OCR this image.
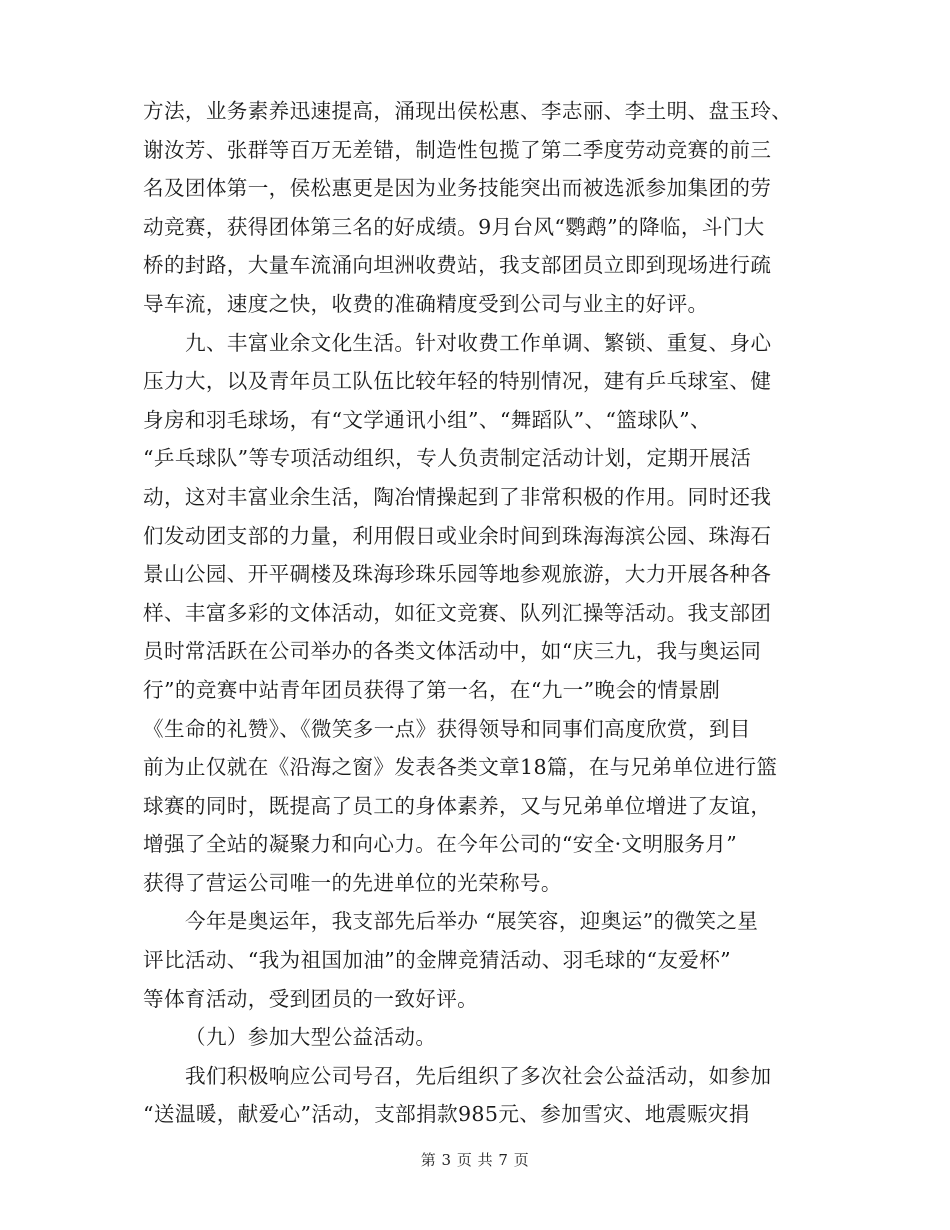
方法，业务素养迅速提高，涌现出侯松惠、李志丽、李土明、盘玉玲、
谢汝芳、张群等百万无差错，制造性包揽了第二季度劳动竞赛的前三
名及团体第一，侯松惠更是因为业务技能突出而被选派参加集团的劳
动竞赛，获得团体第三名的好成绩。9月台风“鹦鹉”的降临，斗门大
桥的封路，大量车流涌向坦洲收费站，我支部团员立即到现场进行疏
导车流，速度之快，收费的准确精度受到公司与业主的好评。
九、丰富业余文化生活。针对收费工作单调、繁锁、重复、身心
压力大，以及青年员工队伍比较年轻的特别情况，建有乒乓球室、健
身房和羽毛球场，有“文学通讯小组”、“舞蹈队”、“篮球队”、
“乒乓球队”等专项活动组织，专人负责制定活动计划，定期开展活
动，这对丰富业余生活，陶冶情操起到了非常积极的作用。同时还我
们发动团支部的力量，利用假日或业余时间到珠海海滨公园、珠海石
景山公园、开平碉楼及珠海珍珠乐园等地参观旅游，大力开展各种各
样、丰富多彩的文体活动，如征文竞赛、队列汇操等活动。我支部团
员时常活跃在公司举办的各类文体活动中，如“庆三九，我与奥运同
行”的竞赛中站青年团员获得了第一名，在“九一”晚会的情景剧
《生命的礼赞》、《微笑多一点》获得领导和同事们高度欣赏，到目
前为止仅就在《沿海之窗》发表各类文章18篇，在与兄弟单位进行篮
球赛的同时，既提高了员工的身体素养，又与兄弟单位增进了友谊，
增强了全站的凝聚力和向心力。在今年公司的“安全·文明服务月”
获得了营运公司唯一的先进单位的光荣称号。
今年是奥运年，我支部先后举办 “展笑容，迎奥运”的微笑之星
评比活动、“我为祖国加油”的金牌竞猜活动、羽毛球的“友爱杯”
等体育活动，受到团员的一致好评。
（九）参加大型公益活动。
我们积极响应公司号召，先后组织了多次社会公益活动，如参加
“送温暖，献爱心”活动，支部捐款985元、参加雪灾、地震赈灾捐
第 3 页 共 7 页
